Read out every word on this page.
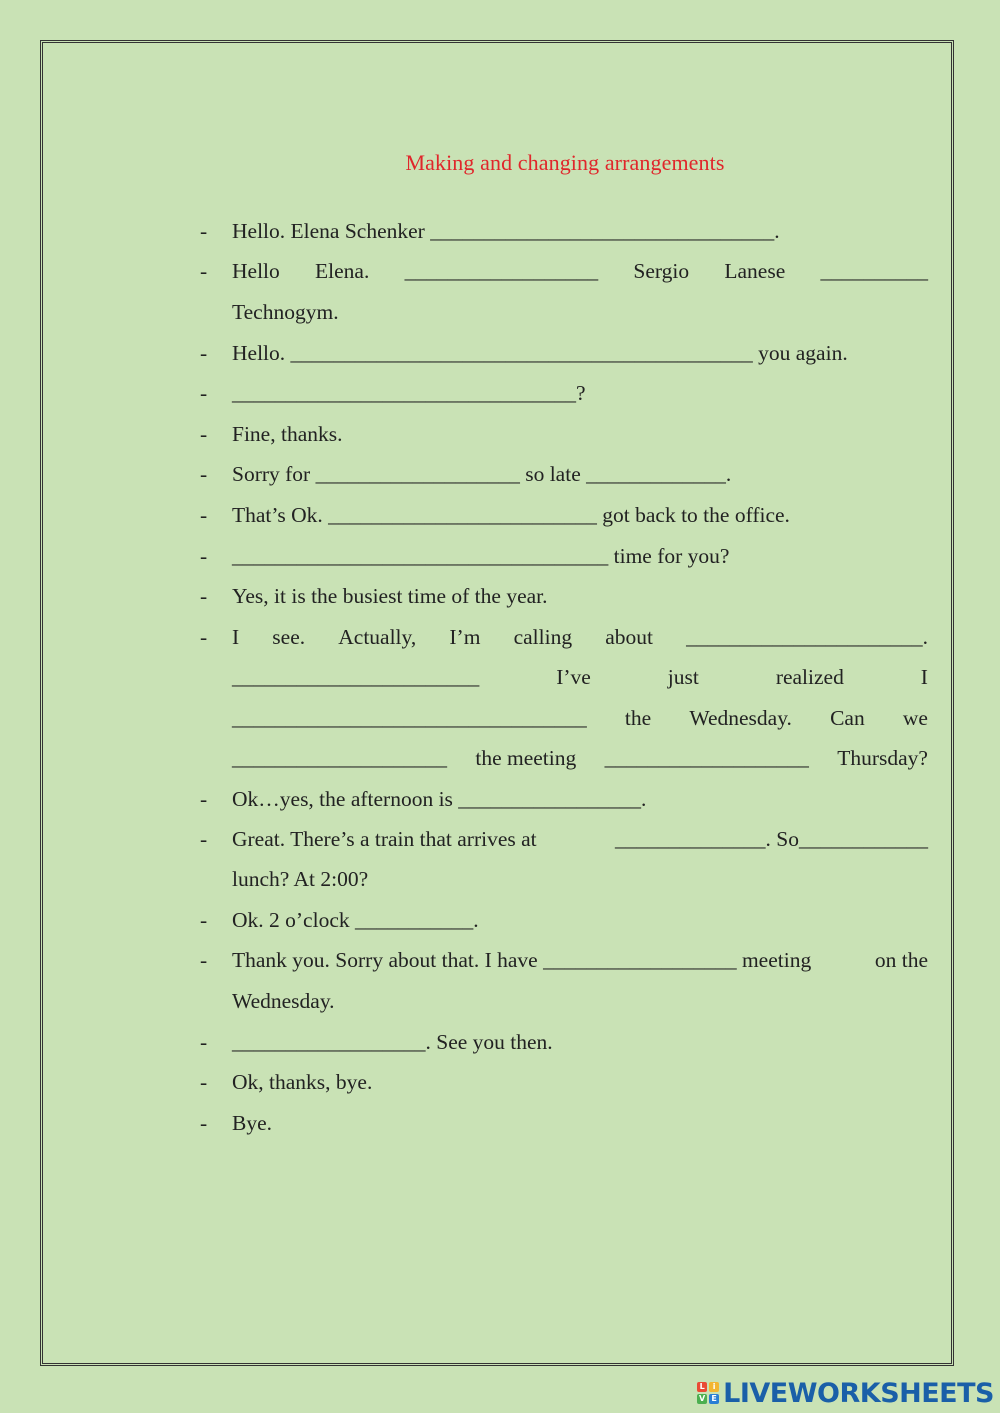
Making and changing arrangements
- Hello. Elena Schenker ________________________________.
- Hello Elena. __________________ Sergio Lanese __________
Technogym.
- Hello. ___________________________________________ you again.
- ________________________________?
- Fine, thanks.
- Sorry for ___________________ so late _____________.
- That’s Ok. _________________________ got back to the office.
- ___________________________________ time for you?
- Yes, it is the busiest time of the year.
- I see. Actually, I’m calling about ______________________.
_______________________	I’ve	just	realized	I
_________________________________ the Wednesday. Can we
____________________ the meeting ___________________ Thursday?
- Ok…yes, the afternoon is _________________.
- Great. There’s a train that arrives at	______________. So____________
lunch? At 2:00?
- Ok. 2 o’clock ___________.
- Thank you. Sorry about that. I have __________________ meeting	on the
Wednesday.
- __________________. See you then.
- Ok, thanks, bye.
- Bye.
L	i
V E LIVEWORKSHEETS
